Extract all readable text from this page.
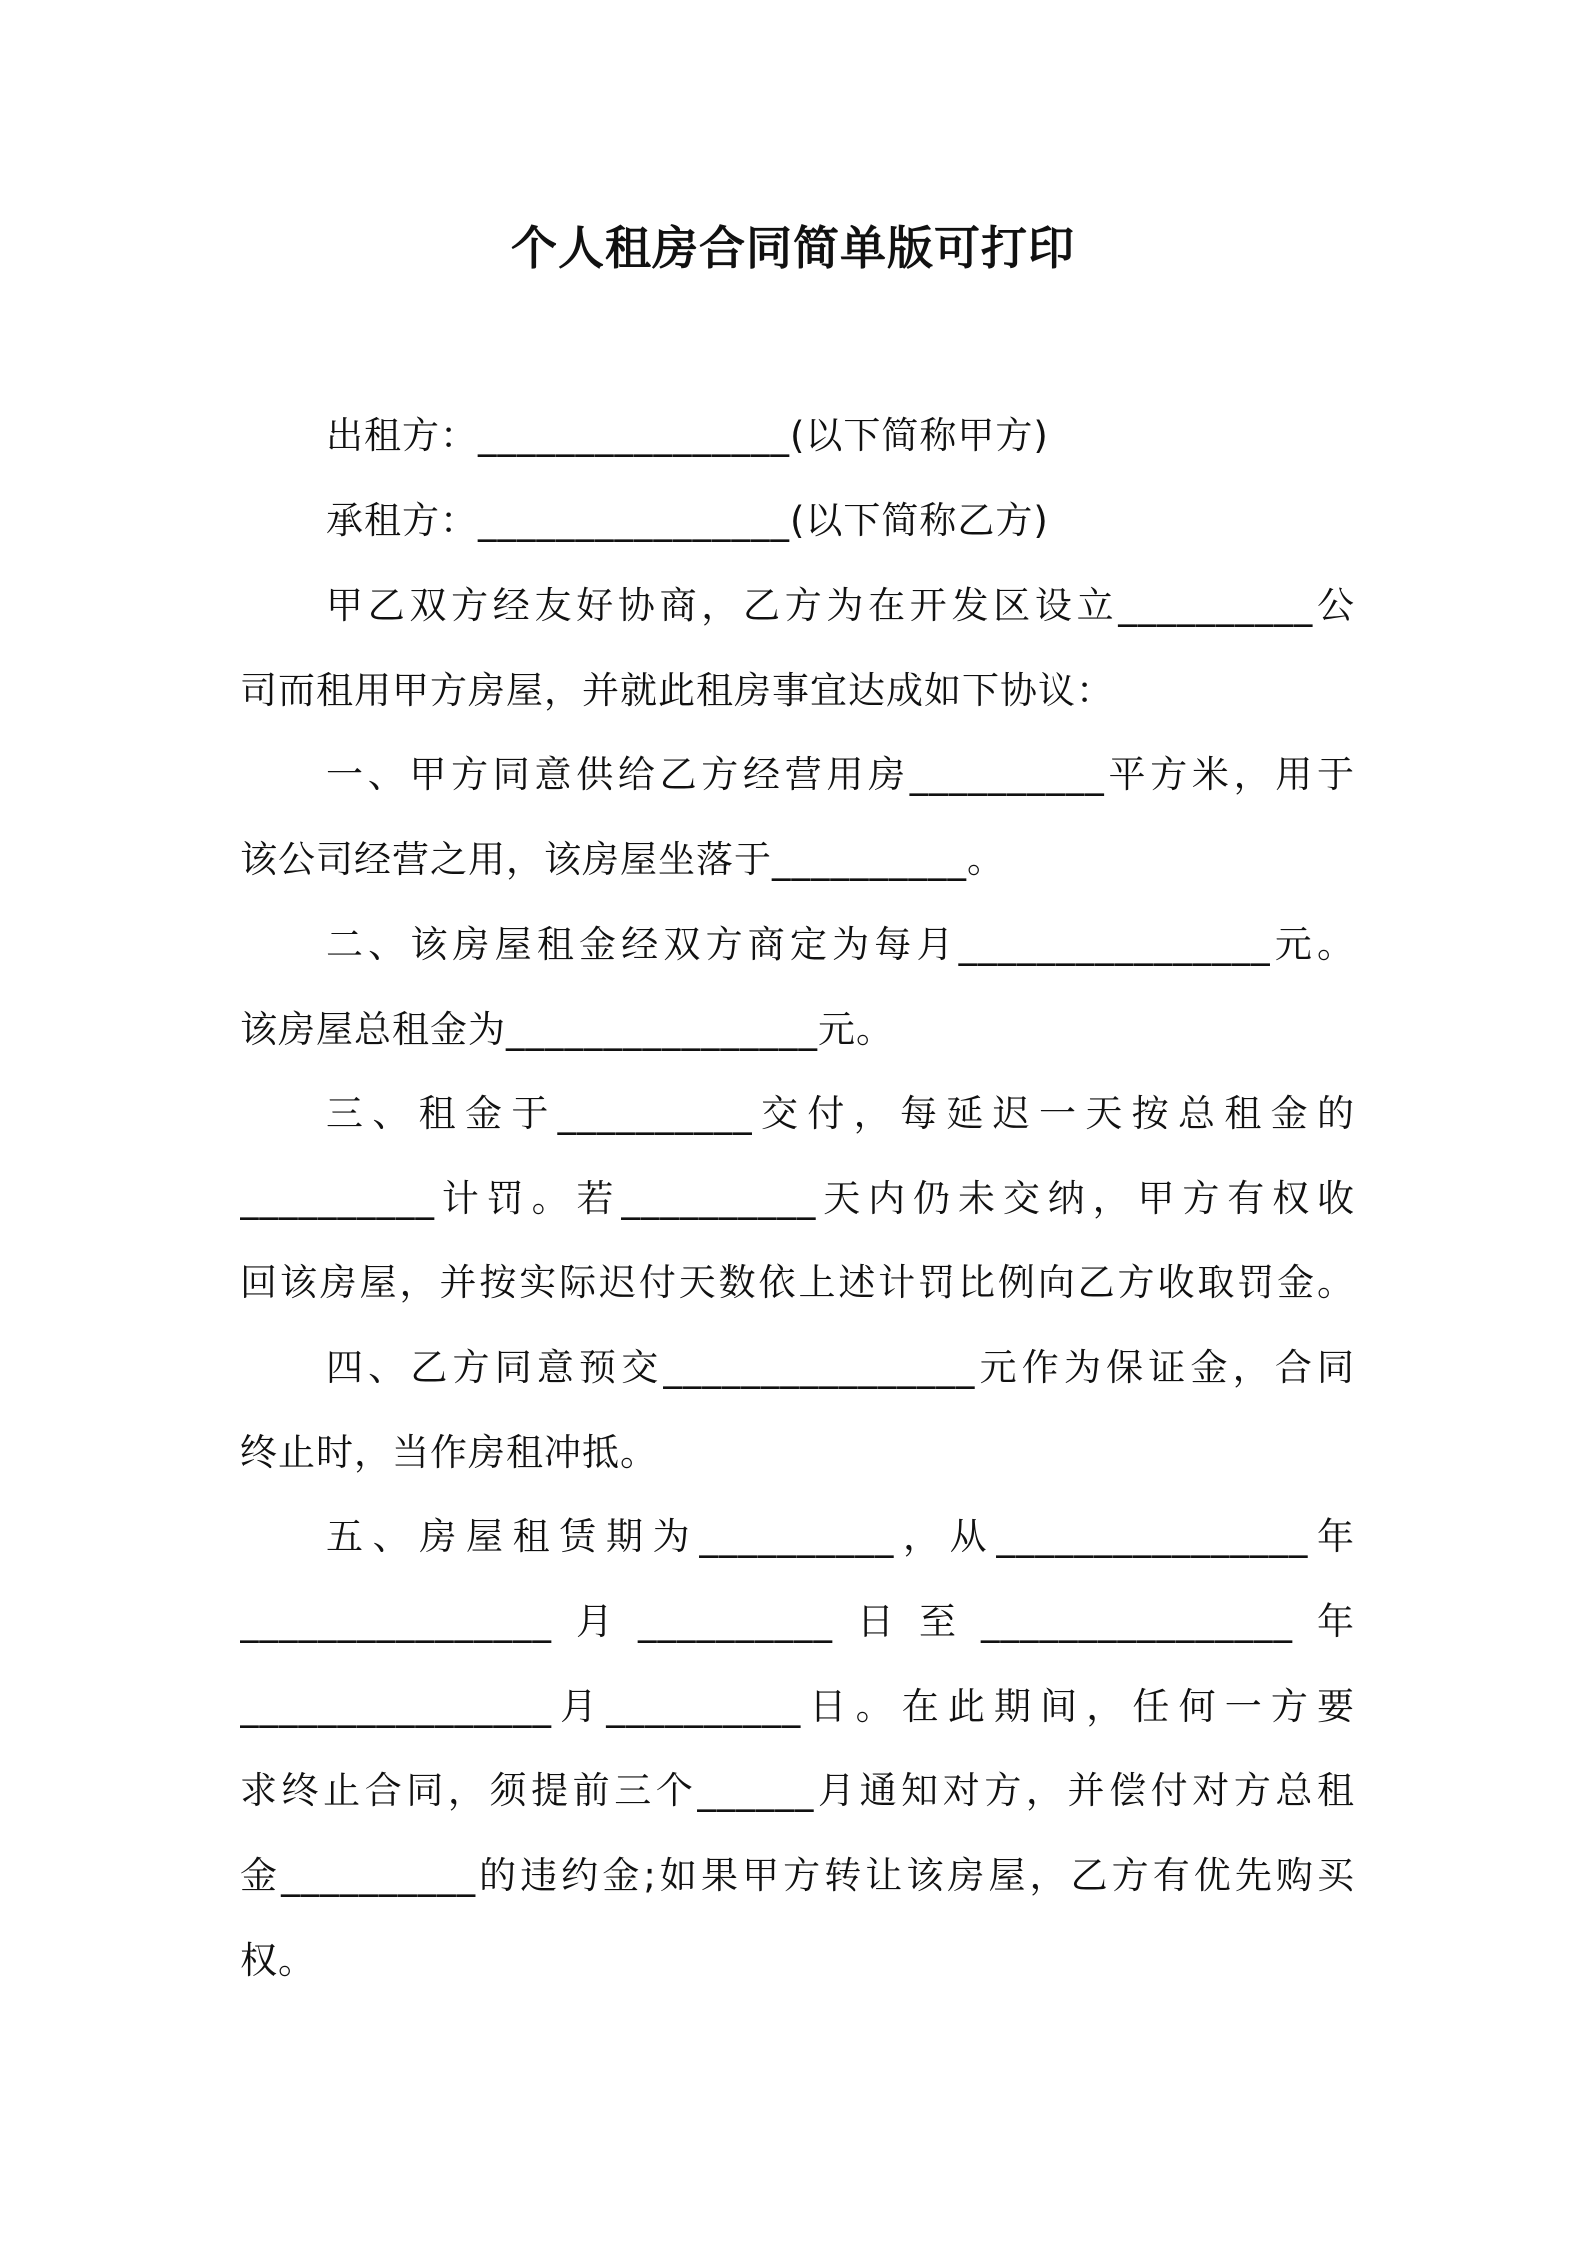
个人租房合同简单版可打印

出租方：________________(以下简称甲方)

承租方：________________(以下简称乙方)

甲乙双方经友好协商，乙方为在开发区设立__________公

司而租用甲方房屋，并就此租房事宜达成如下协议：

一、甲方同意供给乙方经营用房__________平方米，用于

该公司经营之用，该房屋坐落于__________。

二、该房屋租金经双方商定为每月________________元。

该房屋总租金为________________元。

三、租金于__________交付，每延迟一天按总租金的

__________计罚。若__________天内仍未交纳，甲方有权收

回该房屋，并按实际迟付天数依上述计罚比例向乙方收取罚金。

四、乙方同意预交________________元作为保证金，合同

终止时，当作房租冲抵。

五、房屋租赁期为__________，从________________年

________________月__________日至________________年

________________月__________日。在此期间，任何一方要

求终止合同，须提前三个______月通知对方，并偿付对方总租

金__________的违约金;如果甲方转让该房屋，乙方有优先购买

权。
